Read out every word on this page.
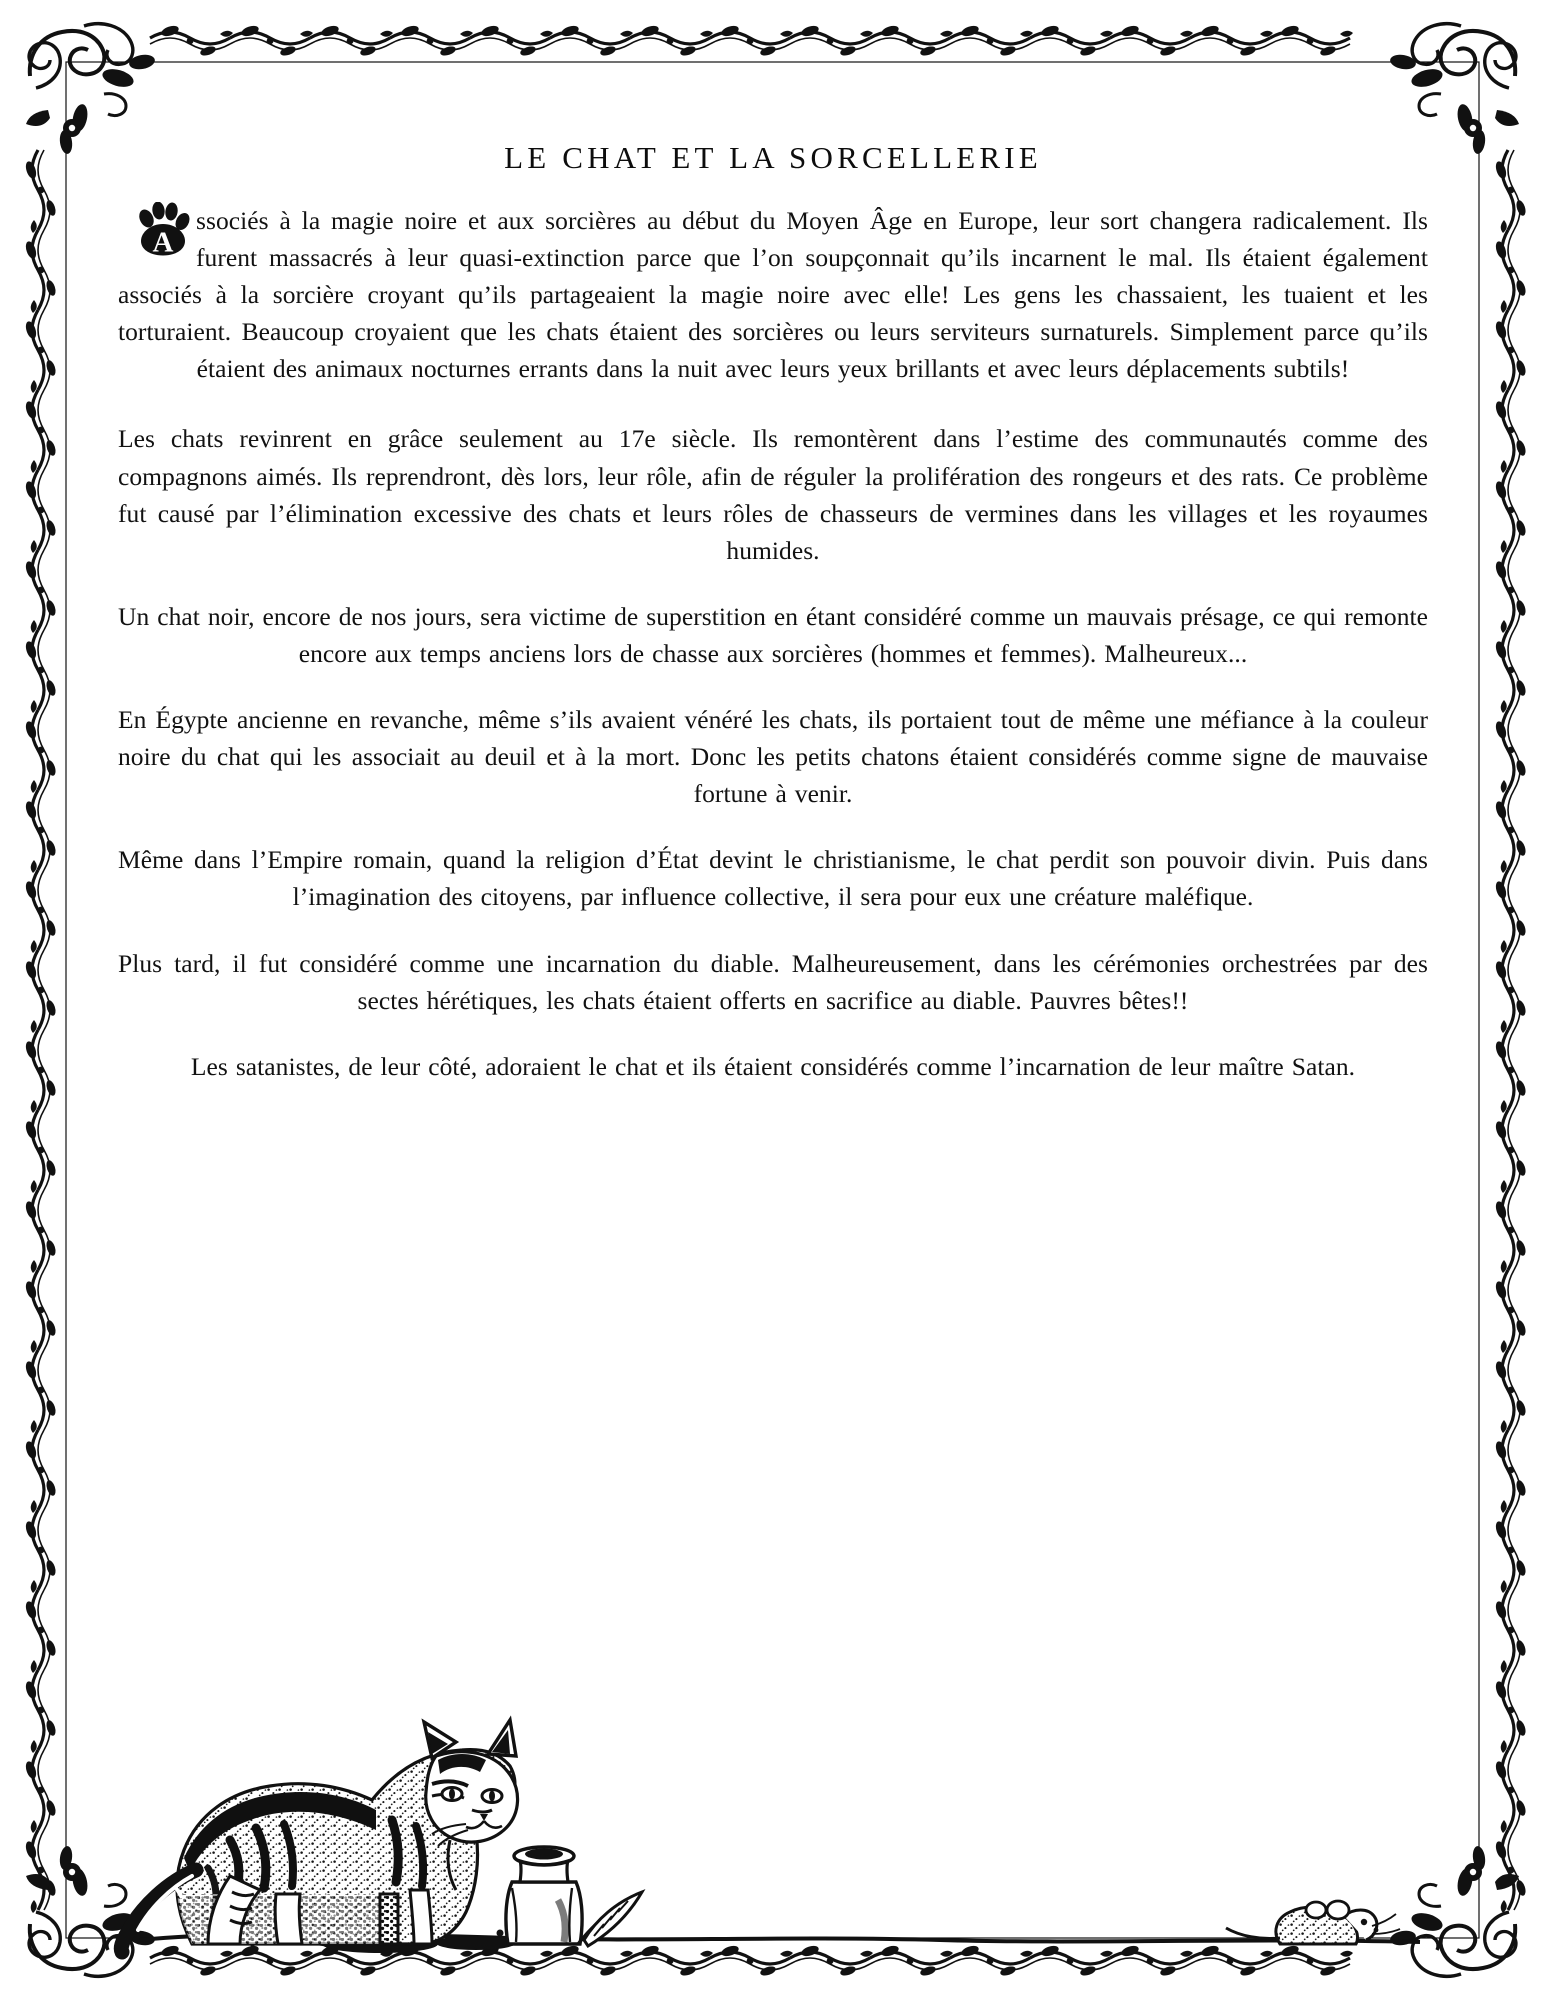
LE CHAT ET LA SORCELLERIE

A
ssociés à la magie noire et aux sorcières au début du Moyen Âge en Europe, leur sort changera radicalement. Ils furent massacrés à leur quasi-extinction parce que l’on soupçonnait qu’ils incarnent le mal. Ils étaient également associés à la sorcière croyant qu’ils partageaient la magie noire avec elle! Les gens les chassaient, les tuaient et les torturaient. Beaucoup croyaient que les chats étaient des sorcières ou leurs serviteurs surnaturels. Simplement parce qu’ils étaient des animaux nocturnes errants dans la nuit avec leurs yeux brillants et avec leurs déplacements subtils!

Les chats revinrent en grâce seulement au 17e siècle. Ils remontèrent dans l’estime des communautés comme des compagnons aimés. Ils reprendront, dès lors, leur rôle, afin de réguler la prolifération des rongeurs et des rats. Ce problème fut causé par l’élimination excessive des chats et leurs rôles de chasseurs de vermines dans les villages et les royaumes humides.

Un chat noir, encore de nos jours, sera victime de superstition en étant considéré comme un mauvais présage, ce qui remonte encore aux temps anciens lors de chasse aux sorcières (hommes et femmes). Malheureux...

En Égypte ancienne en revanche, même s’ils avaient vénéré les chats, ils portaient tout de même une méfiance à la couleur noire du chat qui les associait au deuil et à la mort. Donc les petits chatons étaient considérés comme signe de mauvaise fortune à venir.

Même dans l’Empire romain, quand la religion d’État devint le christianisme, le chat perdit son pouvoir divin. Puis dans l’imagination des citoyens, par influence collective, il sera pour eux une créature maléfique.

Plus tard, il fut considéré comme une incarnation du diable. Malheureusement, dans les cérémonies orchestrées par des sectes hérétiques, les chats étaient offerts en sacrifice au diable. Pauvres bêtes!!

Les satanistes, de leur côté, adoraient le chat et ils étaient considérés comme l’incarnation de leur maître Satan.
